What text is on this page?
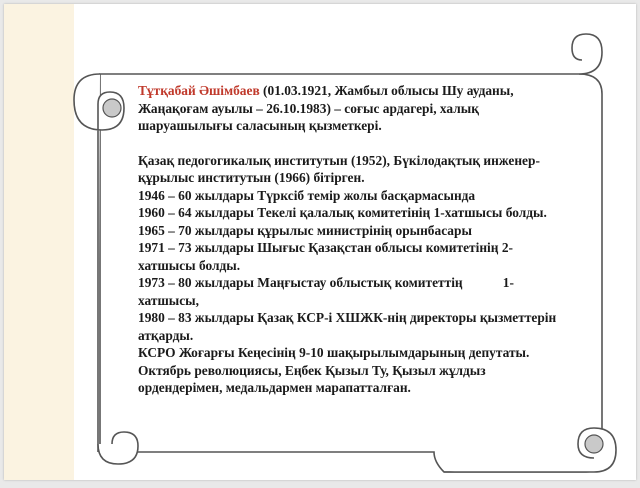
Тұтқабай Әшімбаев (01.03.1921, Жамбыл облысы Шу ауданы, Жаңақоғам ауылы – 26.10.1983) – соғыс ардагері, халық шаруашылығы саласының қызметкері.

Қазақ педогогикалық институтын (1952), Бүкілодақтық инженер-құрылыс институтын (1966) бітірген.

1946 – 60 жылдары Түрксіб темір жолы басқармасында

1960 – 64 жылдары Текелі қалалық комитетінің 1-хатшысы болды.

1965 – 70 жылдары құрылыс министрінің орынбасары

1971 – 73 жылдары Шығыс Қазақстан облысы комитетінің 2-хатшысы болды.

1973 – 80 жылдары Маңғыстау облыстық комитеттің	1-хатшысы,

1980 – 83 жылдары Қазақ КСР-і ХШЖК-нің директоры қызметтерін атқарды.

КСРО Жоғарғы Кеңесінің 9-10 шақырылымдарының депутаты.

Октябрь революциясы, Еңбек Қызыл Ту, Қызыл жұлдыз ордендерімен, медальдармен марапатталған.
